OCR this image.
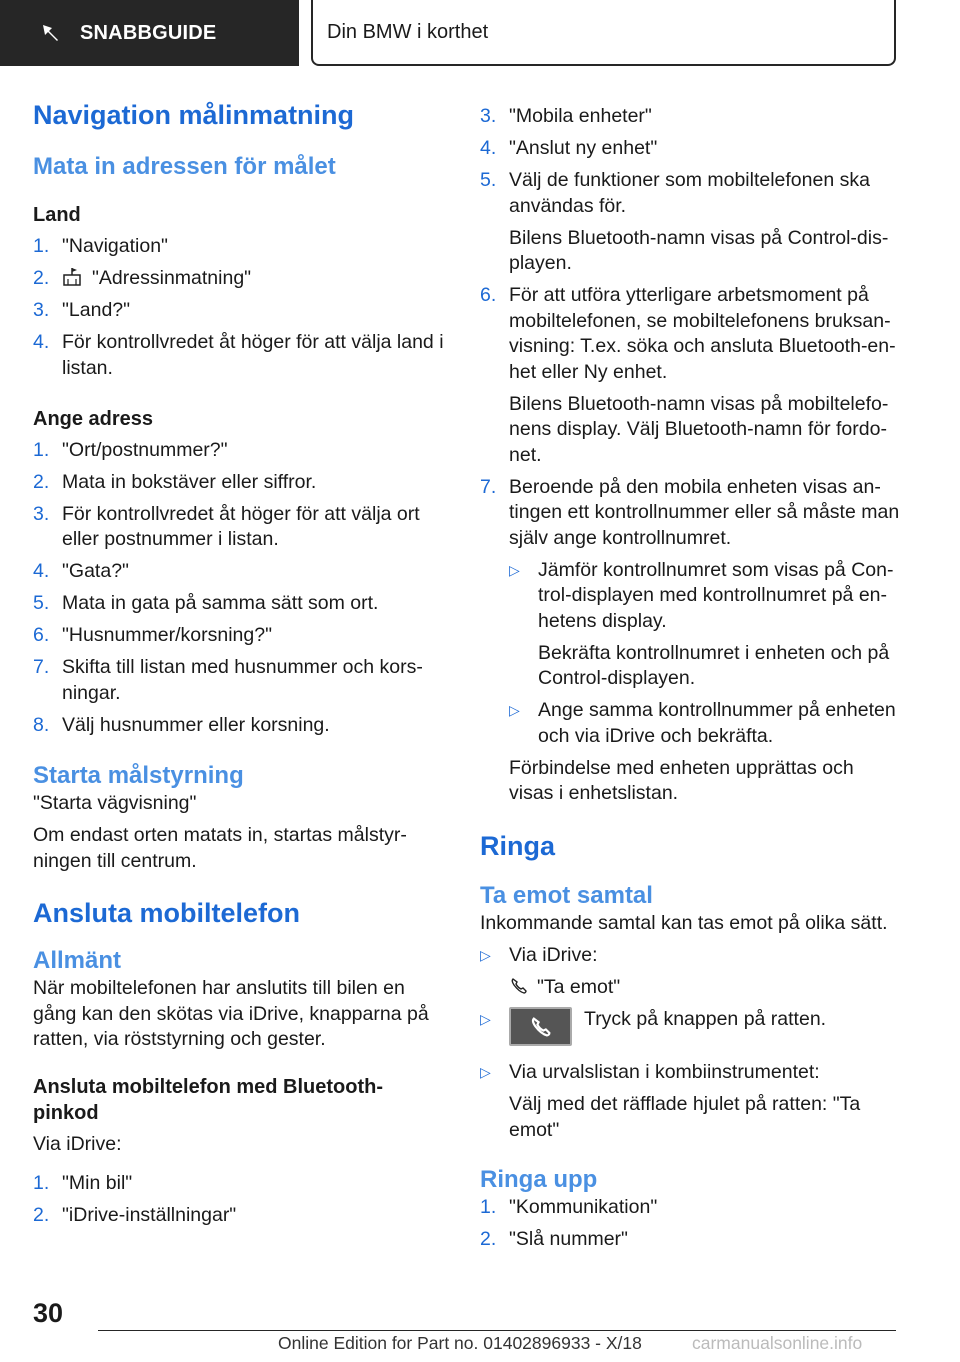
SNABBGUIDE	Din BMW i korthet
Navigation målinmatning
Mata in adressen för målet
Land
1. "Navigation"
2.	"Adressinmatning"
3. "Land?"
4. För kontrollvredet åt höger för att välja land i listan.
Ange adress
1. "Ort/postnummer?"
2. Mata in bokstäver eller siffror.
3. För kontrollvredet åt höger för att välja ort eller postnummer i listan.
4. "Gata?"
5. Mata in gata på samma sätt som ort.
6. "Husnummer/korsning?"
7. Skifta till listan med husnummer och korsningar.
8. Välj husnummer eller korsning.
Starta målstyrning

"Starta vägvisning"

Om endast orten matats in, startas målstyrningen till centrum.

Ansluta mobiltelefon
Allmänt

När mobiltelefonen har anslutits till bilen en gång kan den skötas via iDrive, knapparna på ratten, via röststyrning och gester.

Ansluta mobiltelefon med Bluetooth-pinkod

Via iDrive:

1. "Min bil"
2. "iDrive-inställningar"
3. "Mobila enheter"
4. "Anslut ny enhet"
5. Välj de funktioner som mobiltelefonen ska användas för.

Bilens Bluetooth-namn visas på Control-displayen.

6. För att utföra ytterligare arbetsmoment på mobiltelefonen, se mobiltelefonens bruksanvisning: T.ex. söka och ansluta Bluetooth-enhet eller Ny enhet.

Bilens Bluetooth-namn visas på mobiltelefonens display. Välj Bluetooth-namn för fordonet.

7. Beroende på den mobila enheten visas antingen ett kontrollnummer eller så måste man själv ange kontrollnumret.
▷ Jämför kontrollnumret som visas på Control-displayen med kontrollnumret på enhetens display.

Bekräfta kontrollnumret i enheten och på Control-displayen.

▷ Ange samma kontrollnummer på enheten och via iDrive och bekräfta.

Förbindelse med enheten upprättas och visas i enhetslistan.

Ringa
Ta emot samtal

Inkommande samtal kan tas emot på olika sätt.

▷ Via iDrive:

"Ta emot"

▷	Tryck på knappen på ratten.
▷ Via urvalslistan i kombiinstrumentet:

Välj med det räfflade hjulet på ratten: "Ta emot"

Ringa upp
1. "Kommunikation"
2. "Slå nummer"
30
Online Edition for Part no. 01402896933 - X/18	carmanualsonline.info
